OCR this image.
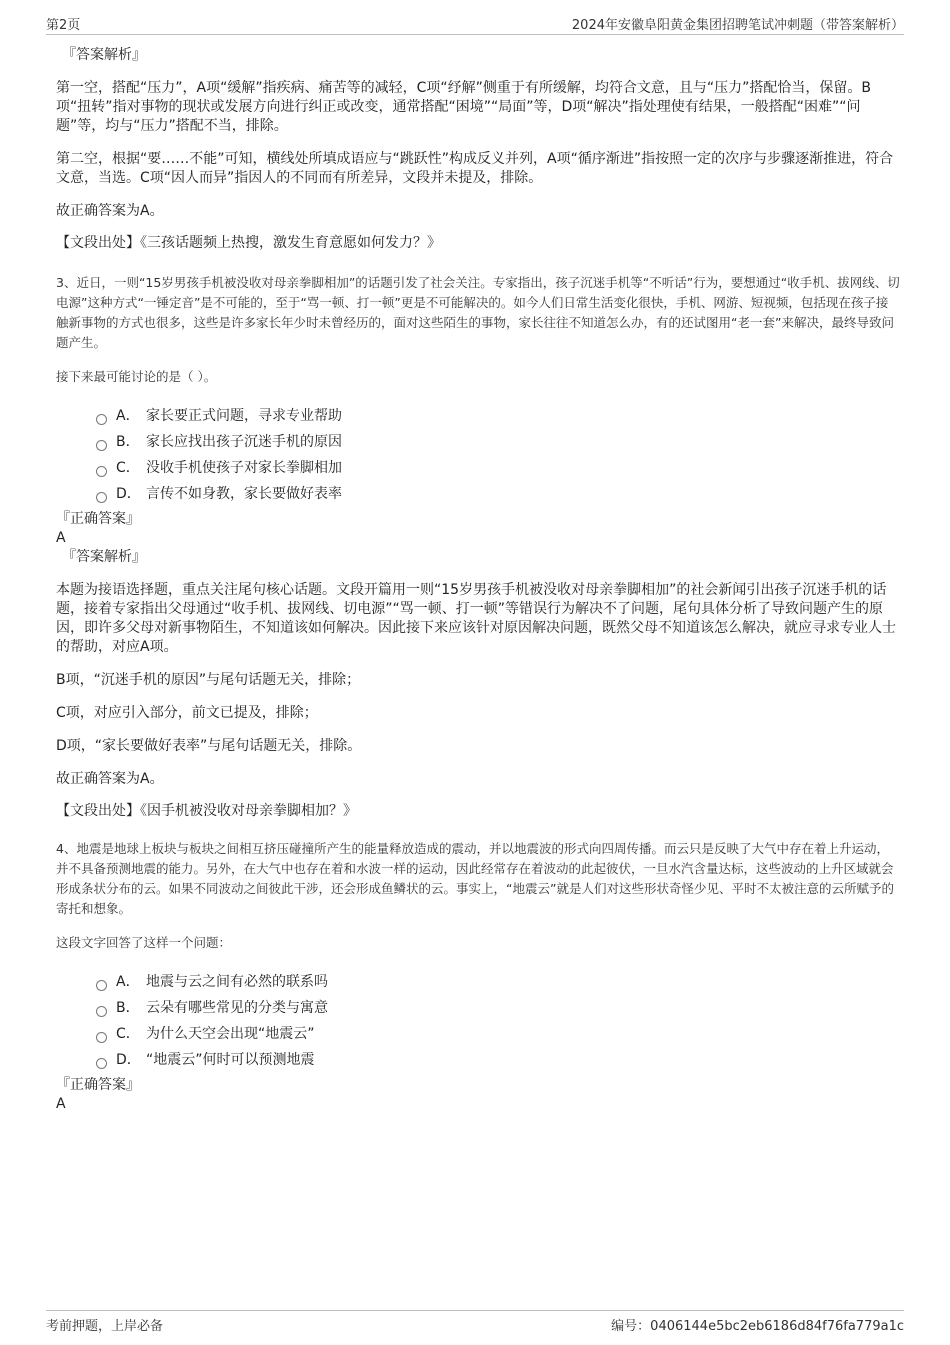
第2页	2024年安徽阜阳黄金集团招聘笔试冲刺题（带答案解析）

『答案解析』

第一空，搭配“压力”，A项“缓解”指疾病、痛苦等的减轻，C项“纾解”侧重于有所缓解，均符合文意，且与“压力”搭配恰当，保留。B项“扭转”指对事物的现状或发展方向进行纠正或改变，通常搭配“困境”“局面”等，D项“解决”指处理使有结果，一般搭配“困难”“问题”等，均与“压力”搭配不当，排除。

第二空，根据“要……不能”可知，横线处所填成语应与“跳跃性”构成反义并列，A项“循序渐进”指按照一定的次序与步骤逐渐推进，符合文意，当选。C项“因人而异”指因人的不同而有所差异，文段并未提及，排除。

故正确答案为A。

【文段出处】《三孩话题频上热搜，激发生育意愿如何发力？》

3、近日，一则“15岁男孩手机被没收对母亲拳脚相加”的话题引发了社会关注。专家指出，孩子沉迷手机等“不听话”行为，要想通过“收手机、拔网线、切电源”这种方式“一锤定音”是不可能的，至于“骂一顿、打一顿”更是不可能解决的。如今人们日常生活变化很快，手机、网游、短视频，包括现在孩子接触新事物的方式也很多，这些是许多家长年少时未曾经历的，面对这些陌生的事物，家长往往不知道怎么办，有的还试图用“老一套”来解决，最终导致问题产生。

接下来最可能讨论的是（ ）。

A． 家长要正式问题，寻求专业帮助
B． 家长应找出孩子沉迷手机的原因
C． 没收手机使孩子对家长拳脚相加
D． 言传不如身教，家长要做好表率

『正确答案』

A

『答案解析』

本题为接语选择题，重点关注尾句核心话题。文段开篇用一则“15岁男孩手机被没收对母亲拳脚相加”的社会新闻引出孩子沉迷手机的话题，接着专家指出父母通过“收手机、拔网线、切电源”“骂一顿、打一顿”等错误行为解决不了问题，尾句具体分析了导致问题产生的原因，即许多父母对新事物陌生，不知道该如何解决。因此接下来应该针对原因解决问题，既然父母不知道该怎么解决，就应寻求专业人士的帮助，对应A项。

B项，“沉迷手机的原因”与尾句话题无关，排除；

C项，对应引入部分，前文已提及，排除；

D项，“家长要做好表率”与尾句话题无关，排除。

故正确答案为A。

【文段出处】《因手机被没收对母亲拳脚相加？》

4、地震是地球上板块与板块之间相互挤压碰撞所产生的能量释放造成的震动，并以地震波的形式向四周传播。而云只是反映了大气中存在着上升运动，并不具备预测地震的能力。另外，在大气中也存在着和水波一样的运动，因此经常存在着波动的此起彼伏，一旦水汽含量达标，这些波动的上升区域就会形成条状分布的云。如果不同波动之间彼此干涉，还会形成鱼鳞状的云。事实上，“地震云”就是人们对这些形状奇怪少见、平时不太被注意的云所赋予的寄托和想象。

这段文字回答了这样一个问题：

A． 地震与云之间有必然的联系吗
B． 云朵有哪些常见的分类与寓意
C． 为什么天空会出现“地震云”
D． “地震云”何时可以预测地震

『正确答案』

A

考前押题，上岸必备	编号：0406144e5bc2eb6186d84f76fa779a1c
